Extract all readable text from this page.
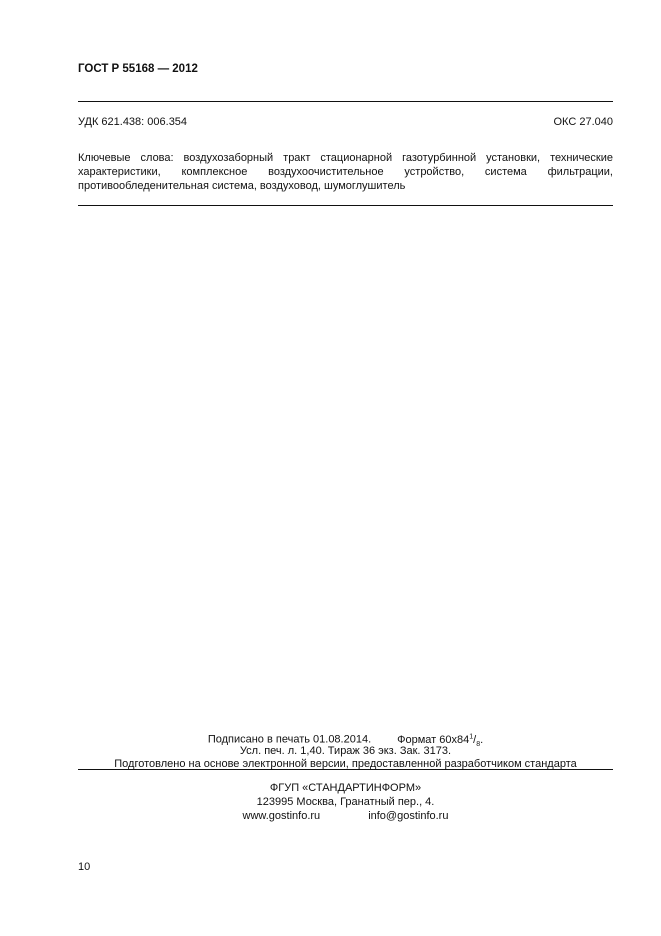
ГОСТ Р 55168 — 2012
УДК 621.438: 006.354	ОКС 27.040
Ключевые слова: воздухозаборный тракт стационарной газотурбинной установки, технические характеристики, комплексное воздухоочистительное устройство, система фильтрации, противообледенительная система, воздуховод, шумоглушитель
Подписано в печать 01.08.2014. Формат $60x84^1/_8$.
Усл. печ. л. 1,40. Тираж 36 экз. Зак. 3173.
Подготовлено на основе электронной версии, предоставленной разработчиком стандарта
ФГУП «СТАНДАРТИНФОРМ»
123995 Москва, Гранатный пер., 4.
www.gostinfo.ru	info@gostinfo.ru
10
